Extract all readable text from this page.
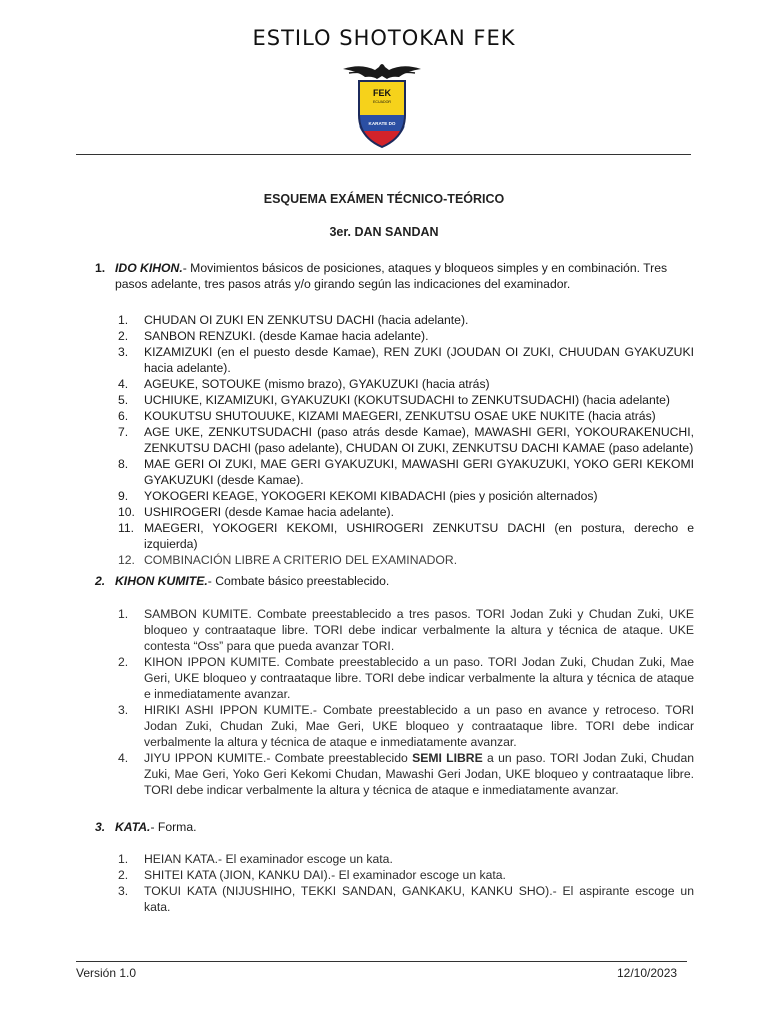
ESTILO SHOTOKAN FEK
FEK
ECUADOR
KARATE DO
ESQUEMA EXÁMEN TÉCNICO-TEÓRICO
3er. DAN SANDAN
1. IDO KIHON.- Movimientos básicos de posiciones, ataques y bloqueos simples y en combinación. Tres pasos adelante, tres pasos atrás y/o girando según las indicaciones del examinador.
1. CHUDAN OI ZUKI EN ZENKUTSU DACHI (hacia adelante).
2. SANBON RENZUKI. (desde Kamae hacia adelante).
3. KIZAMIZUKI (en el puesto desde Kamae), REN ZUKI (JOUDAN OI ZUKI, CHUUDAN GYAKUZUKI hacia adelante).
4. AGEUKE, SOTOUKE (mismo brazo), GYAKUZUKI (hacia atrás)
5. UCHIUKE, KIZAMIZUKI, GYAKUZUKI (KOKUTSUDACHI to ZENKUTSUDACHI) (hacia adelante)
6. KOUKUTSU SHUTOUUKE, KIZAMI MAEGERI, ZENKUTSU OSAE UKE NUKITE (hacia atrás)
7. AGE UKE, ZENKUTSUDACHI (paso atrás desde Kamae), MAWASHI GERI, YOKOURAKENUCHI, ZENKUTSU DACHI (paso adelante), CHUDAN OI ZUKI, ZENKUTSU DACHI KAMAE (paso adelante)
8. MAE GERI OI ZUKI, MAE GERI GYAKUZUKI, MAWASHI GERI GYAKUZUKI, YOKO GERI KEKOMI GYAKUZUKI (desde Kamae).
9. YOKOGERI KEAGE, YOKOGERI KEKOMI KIBADACHI (pies y posición alternados)
10. USHIROGERI (desde Kamae hacia adelante).
11. MAEGERI, YOKOGERI KEKOMI, USHIROGERI ZENKUTSU DACHI (en postura, derecho e izquierda)
12. COMBINACIÓN LIBRE A CRITERIO DEL EXAMINADOR.
2. KIHON KUMITE.- Combate básico preestablecido.
1. SAMBON KUMITE. Combate preestablecido a tres pasos. TORI Jodan Zuki y Chudan Zuki, UKE bloqueo y contraataque libre. TORI debe indicar verbalmente la altura y técnica de ataque. UKE contesta “Oss” para que pueda avanzar TORI.
2. KIHON IPPON KUMITE. Combate preestablecido a un paso. TORI Jodan Zuki, Chudan Zuki, Mae Geri, UKE bloqueo y contraataque libre. TORI debe indicar verbalmente la altura y técnica de ataque e inmediatamente avanzar.
3. HIRIKI ASHI IPPON KUMITE.- Combate preestablecido a un paso en avance y retroceso. TORI Jodan Zuki, Chudan Zuki, Mae Geri, UKE bloqueo y contraataque libre. TORI debe indicar verbalmente la altura y técnica de ataque e inmediatamente avanzar.
4. JIYU IPPON KUMITE.- Combate preestablecido SEMI LIBRE a un paso. TORI Jodan Zuki, Chudan Zuki, Mae Geri, Yoko Geri Kekomi Chudan, Mawashi Geri Jodan, UKE bloqueo y contraataque libre. TORI debe indicar verbalmente la altura y técnica de ataque e inmediatamente avanzar.
3. KATA.- Forma.
1. HEIAN KATA.- El examinador escoge un kata.
2. SHITEI KATA (JION, KANKU DAI).- El examinador escoge un kata.
3. TOKUI KATA (NIJUSHIHO, TEKKI SANDAN, GANKAKU, KANKU SHO).- El aspirante escoge un kata.
Versión 1.0	12/10/2023
